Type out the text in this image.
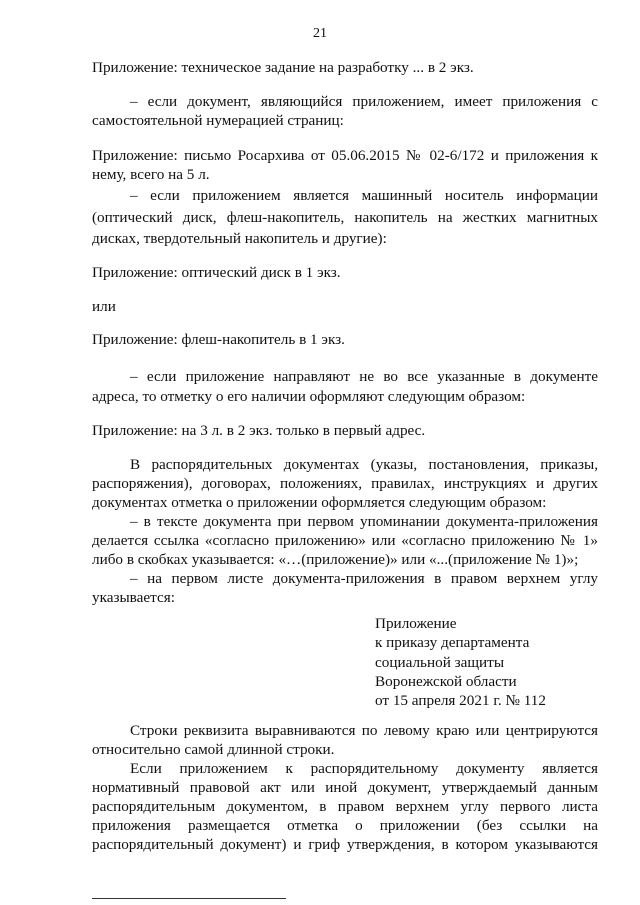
21
Приложение: техническое задание на разработку ... в 2 экз.
– если документ, являющийся приложением, имеет приложения с
самостоятельной нумерацией страниц:
Приложение: письмо Росархива от 05.06.2015 № 02-6/172 и приложения к
нему, всего на 5 л.
– если приложением является машинный носитель информации
(оптический диск, флеш-накопитель, накопитель на жестких магнитных
дисках, твердотельный накопитель и другие):
Приложение: оптический диск в 1 экз.
или
Приложение: флеш-накопитель в 1 экз.
– если приложение направляют не во все указанные в документе
адреса, то отметку о его наличии оформляют следующим образом:
Приложение: на 3 л. в 2 экз. только в первый адрес.
В распорядительных документах (указы, постановления, приказы,
распоряжения), договорах, положениях, правилах, инструкциях и других
документах отметка о приложении оформляется следующим образом:
– в тексте документа при первом упоминании документа-приложения
делается ссылка «согласно приложению» или «согласно приложению № 1»
либо в скобках указывается: «…(приложение)» или «...(приложение № 1)»;
– на первом листе документа-приложения в правом верхнем углу
указывается:
Приложение
к приказу департамента
социальной защиты
Воронежской области
от 15 апреля 2021 г. № 112
Строки реквизита выравниваются по левому краю или центрируются
относительно самой длинной строки.
Если приложением к распорядительному документу является
нормативный правовой акт или иной документ, утверждаемый данным
распорядительным документом, в правом верхнем углу первого листа
приложения размещается отметка о приложении (без ссылки на
распорядительный документ) и гриф утверждения, в котором указываются
